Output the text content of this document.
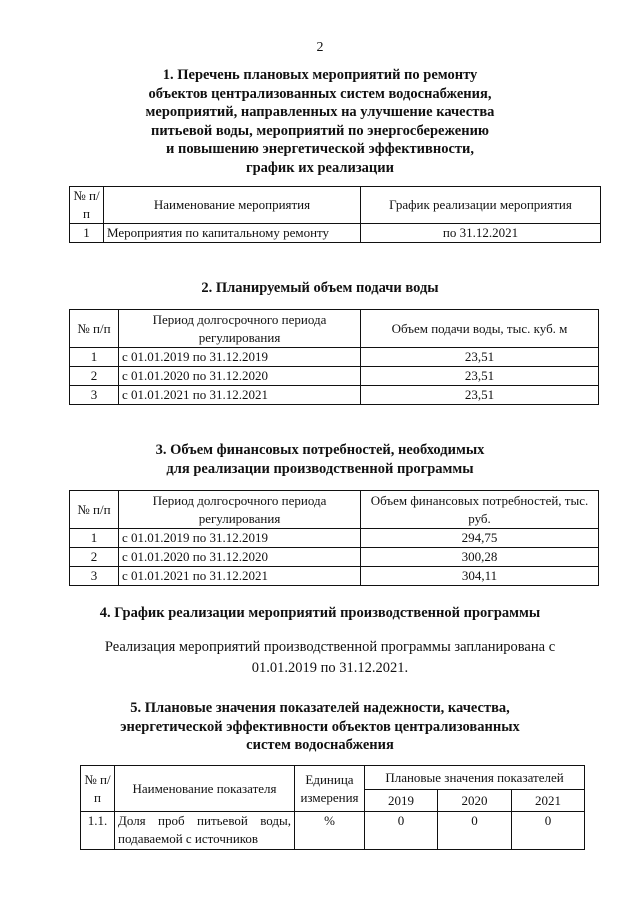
2
1. Перечень плановых мероприятий по ремонту
объектов централизованных систем водоснабжения,
мероприятий, направленных на улучшение качества
питьевой воды, мероприятий по энергосбережению
и повышению энергетической эффективности,
график их реализации
№ п/п	Наименование мероприятия	График реализации мероприятия
1	Мероприятия по капитальному ремонту	по 31.12.2021
2. Планируемый объем подачи воды
№ п/п	Период долгосрочного периода регулирования	Объем подачи воды, тыс. куб. м
1	с 01.01.2019 по 31.12.2019	23,51
2	с 01.01.2020 по 31.12.2020	23,51
3	с 01.01.2021 по 31.12.2021	23,51
3. Объем финансовых потребностей, необходимых
для реализации производственной программы
№ п/п	Период долгосрочного периода регулирования	Объем финансовых потребностей, тыс. руб.
1	с 01.01.2019 по 31.12.2019	294,75
2	с 01.01.2020 по 31.12.2020	300,28
3	с 01.01.2021 по 31.12.2021	304,11
4. График реализации мероприятий производственной программы
Реализация мероприятий производственной программы запланирована с
01.01.2019 по 31.12.2021.
5. Плановые значения показателей надежности, качества,
энергетической эффективности объектов централизованных
систем водоснабжения
№ п/п	Наименование показателя	Единица измерения	Плановые значения показателей		
			2019	2020	2021
1.1.	Доля проб питьевой воды, подаваемой с источников	%	0	0	0
